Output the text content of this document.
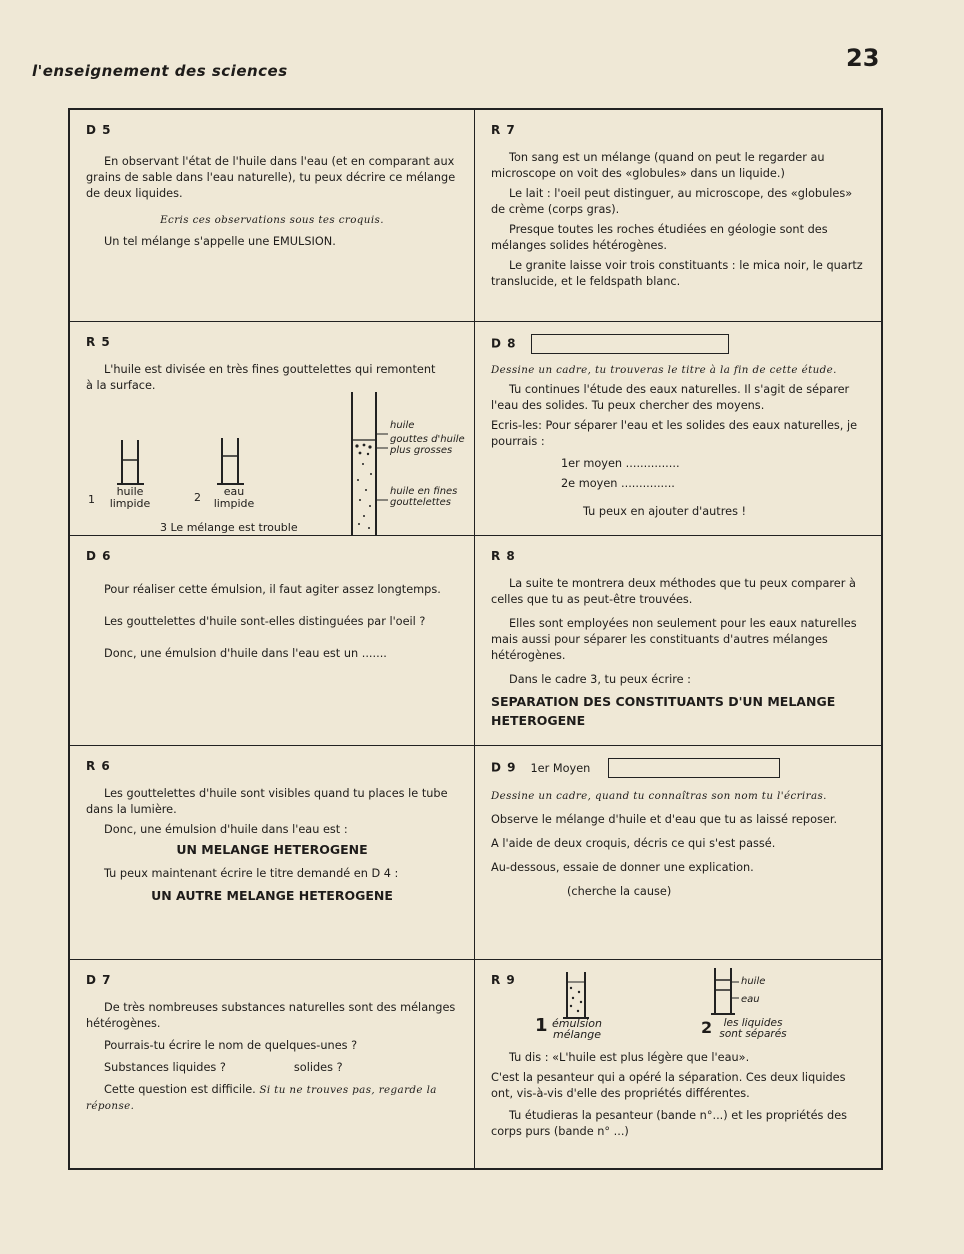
l'enseignement des sciences	23
D 5

En observant l'état de l'huile dans l'eau (et en comparant aux grains de sable dans l'eau naturelle), tu peux décrire ce mélange de deux liquides.

Ecris ces observations sous tes croquis.

Un tel mélange s'appelle une EMULSION.

R 7

Ton sang est un mélange (quand on peut le regarder au microscope on voit des «globules» dans un liquide.)

Le lait : l'oeil peut distinguer, au microscope, des «globules» de crème (corps gras).

Presque toutes les roches étudiées en géologie sont des mélanges solides hétérogènes.

Le granite laisse voir trois constituants : le mica noir, le quartz translucide, et le feldspath blanc.

R 5

L'huile est divisée en très fines gouttelettes qui remontent à la surface.

1
huile limpide	2	eau limpide
3 Le mélange est trouble
huile
gouttes d'huile plus grosses
huile en fines gouttelettes
D 8

Dessine un cadre, tu trouveras le titre à la fin de cette étude.

Tu continues l'étude des eaux naturelles. Il s'agit de séparer l'eau des solides. Tu peux chercher des moyens.

Ecris-les: Pour séparer l'eau et les solides des eaux naturelles, je pourrais :

1er moyen ...............

2e moyen ...............

Tu peux en ajouter d'autres !

D 6

Pour réaliser cette émulsion, il faut agiter assez longtemps.

Les gouttelettes d'huile sont-elles distinguées par l'oeil ?

Donc, une émulsion d'huile dans l'eau est un .......

R 8

La suite te montrera deux méthodes que tu peux comparer à celles que tu as peut-être trouvées.

Elles sont employées non seulement pour les eaux naturelles mais aussi pour séparer les constituants d'autres mélanges hétérogènes.

Dans le cadre 3, tu peux écrire :

SEPARATION DES CONSTITUANTS D'UN MELANGE HETEROGENE

R 6

Les gouttelettes d'huile sont visibles quand tu places le tube dans la lumière.

Donc, une émulsion d'huile dans l'eau est :

UN MELANGE HETEROGENE

Tu peux maintenant écrire le titre demandé en D 4 :

UN AUTRE MELANGE HETEROGENE

D 9 1er Moyen

Dessine un cadre, quand tu connaîtras son nom tu l'écriras.

Observe le mélange d'huile et d'eau que tu as laissé reposer.

A l'aide de deux croquis, décris ce qui s'est passé.

Au-dessous, essaie de donner une explication.

(cherche la cause)

D 7

De très nombreuses substances naturelles sont des mélanges hétérogènes.

Pourrais-tu écrire le nom de quelques-unes ?

Substances liquides ?	solides ?

Cette question est difficile. Si tu ne trouves pas, regarde la réponse.

R 9
1 émulsion mélange	2	les liquides sont séparés
huile
eau

Tu dis : «L'huile est plus légère que l'eau».

C'est la pesanteur qui a opéré la séparation. Ces deux liquides ont, vis-à-vis d'elle des propriétés différentes.

Tu étudieras la pesanteur (bande n°...) et les propriétés des corps purs (bande n° ...)
